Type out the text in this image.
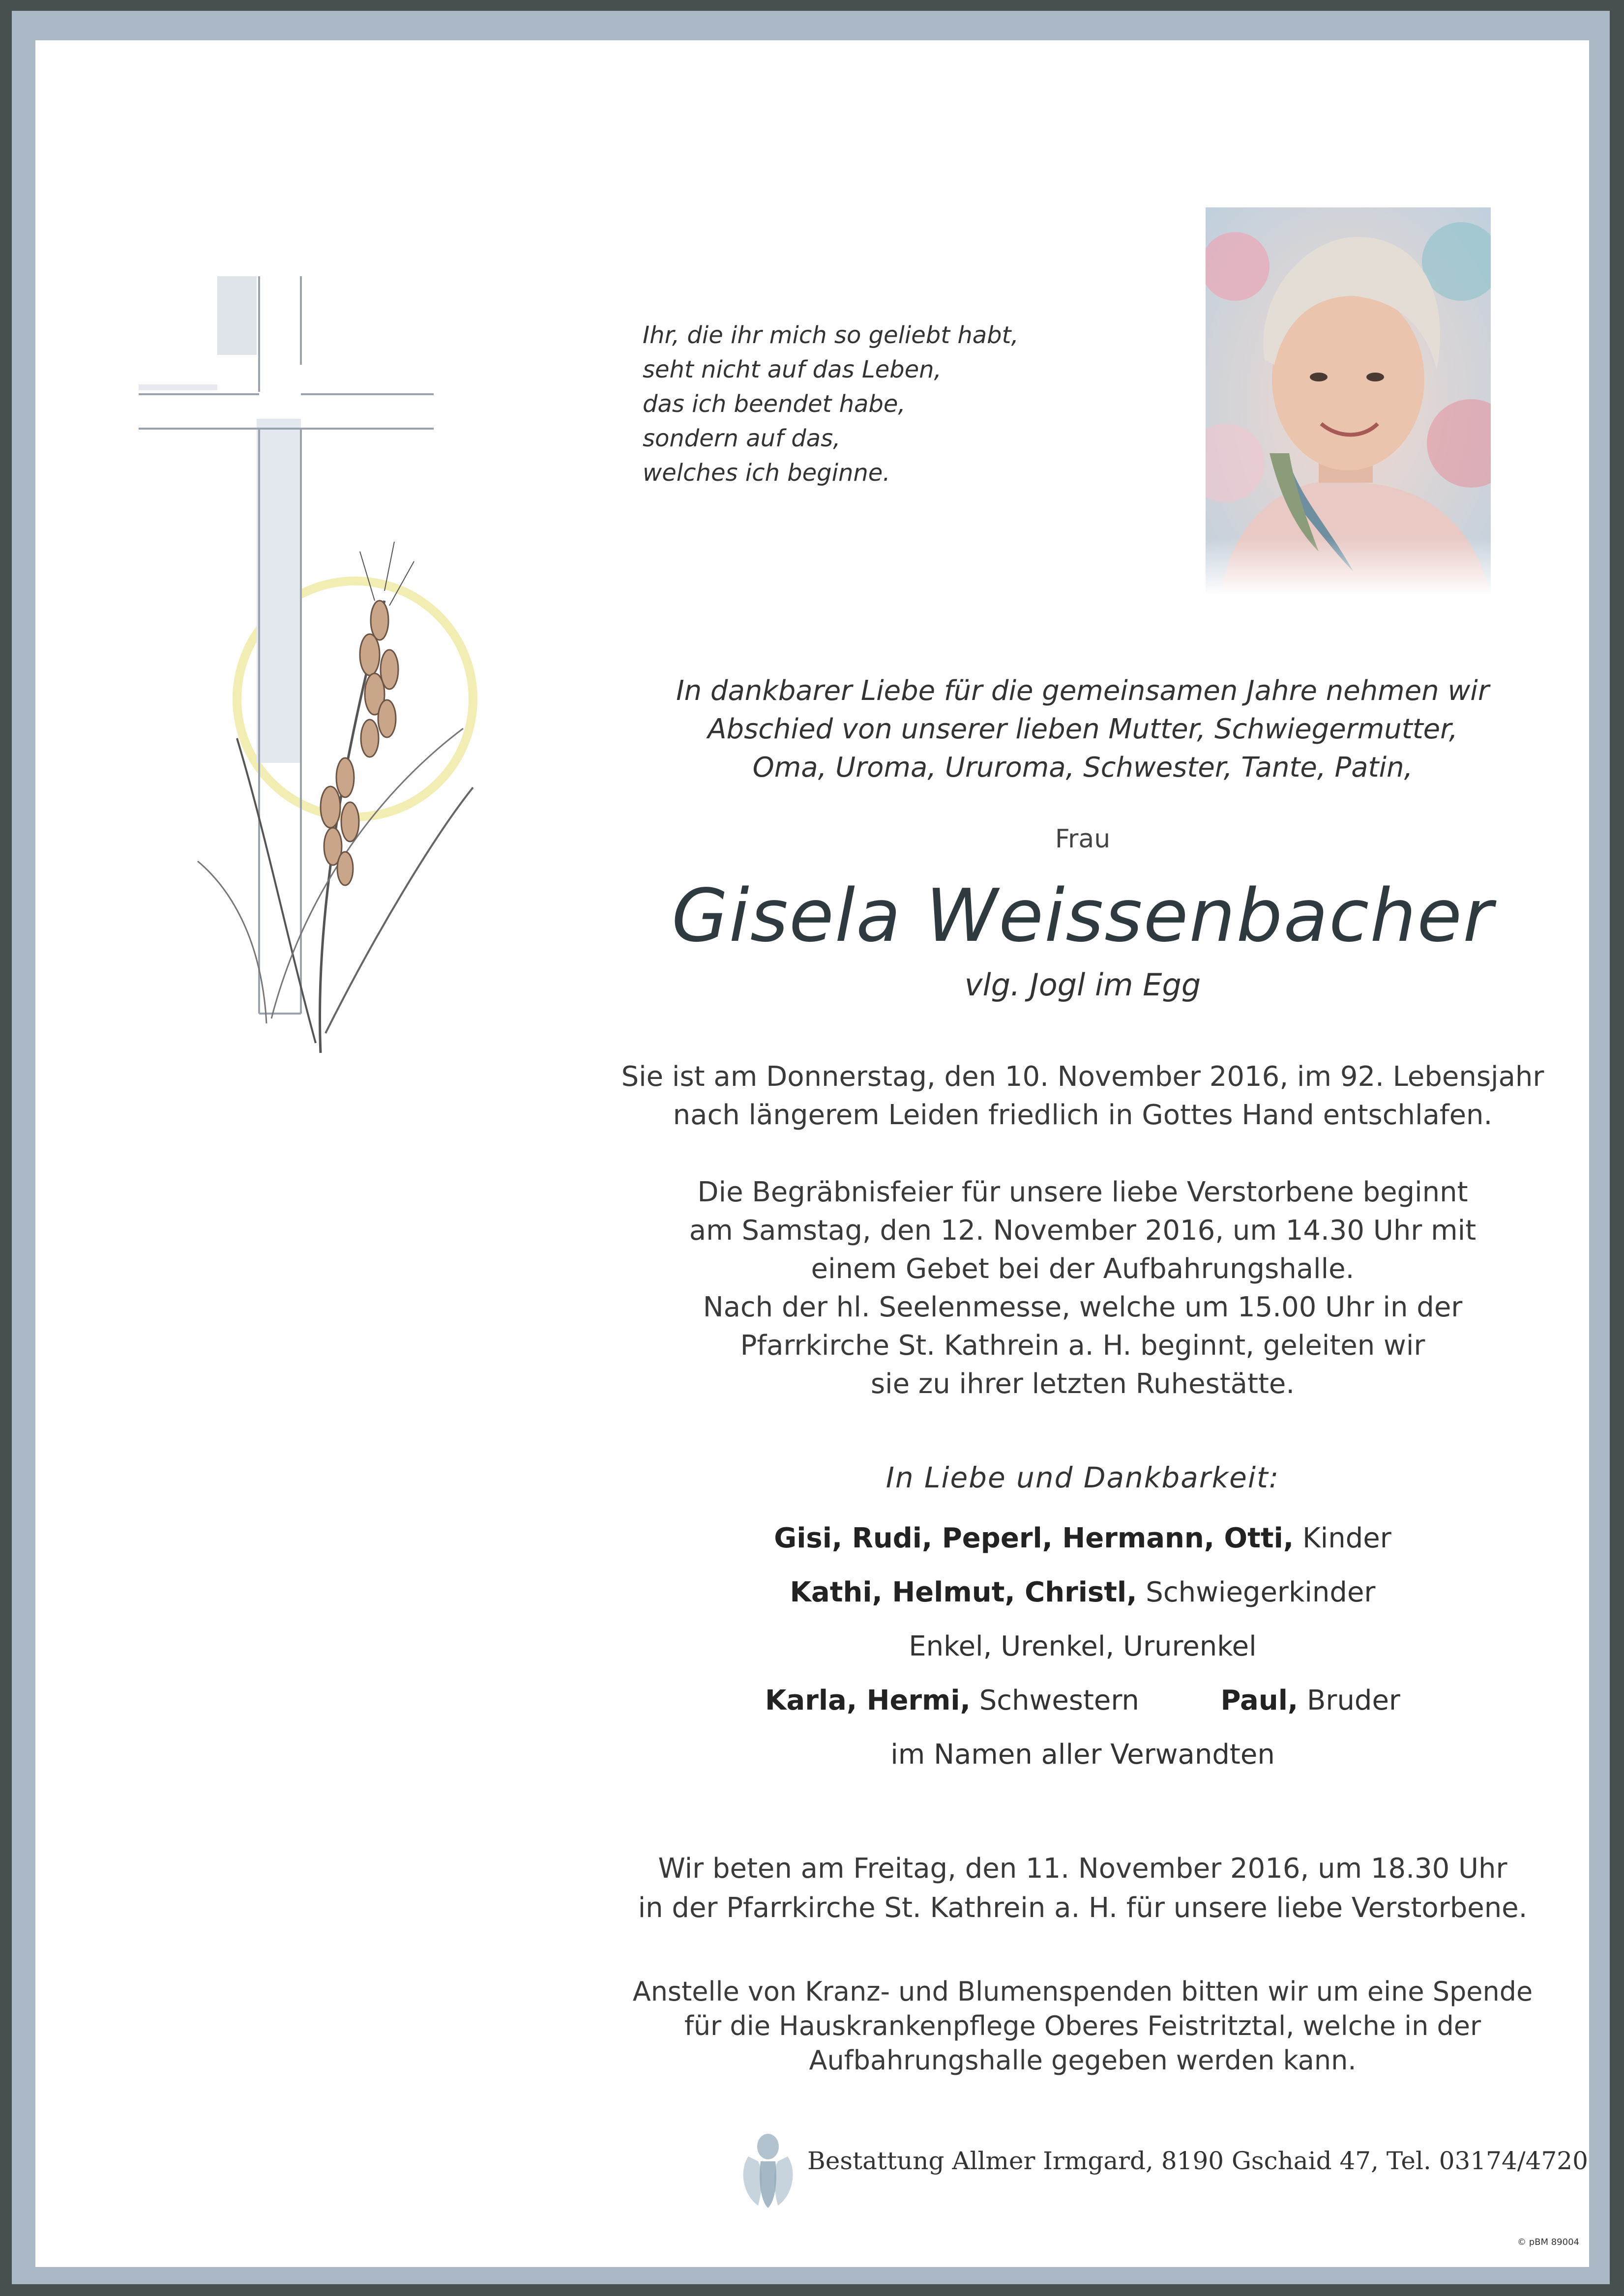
Ihr, die ihr mich so geliebt habt,
seht nicht auf das Leben,
das ich beendet habe,
sondern auf das,
welches ich beginne.
In dankbarer Liebe für die gemeinsamen Jahre nehmen wir
Abschied von unserer lieben Mutter, Schwiegermutter,
Oma, Uroma, Ururoma, Schwester, Tante, Patin,
Frau
Gisela Weissenbacher
vlg. Jogl im Egg
Sie ist am Donnerstag, den 10. November 2016, im 92. Lebensjahr
nach längerem Leiden friedlich in Gottes Hand entschlafen.
Die Begräbnisfeier für unsere liebe Verstorbene beginnt
am Samstag, den 12. November 2016, um 14.30 Uhr mit
einem Gebet bei der Aufbahrungshalle.
Nach der hl. Seelenmesse, welche um 15.00 Uhr in der
Pfarrkirche St. Kathrein a. H. beginnt, geleiten wir
sie zu ihrer letzten Ruhestätte.
In Liebe und Dankbarkeit:
Gisi, Rudi, Peperl, Hermann, Otti, Kinder
Kathi, Helmut, Christl, Schwiegerkinder
Enkel, Urenkel, Ururenkel
Karla, Hermi, Schwestern	Paul, Bruder
im Namen aller Verwandten
Wir beten am Freitag, den 11. November 2016, um 18.30 Uhr
in der Pfarrkirche St. Kathrein a. H. für unsere liebe Verstorbene.
Anstelle von Kranz- und Blumenspenden bitten wir um eine Spende
für die Hauskrankenpflege Oberes Feistritztal, welche in der
Aufbahrungshalle gegeben werden kann.
Bestattung Allmer Irmgard, 8190 Gschaid 47, Tel. 03174/4720
© pBM 89004
